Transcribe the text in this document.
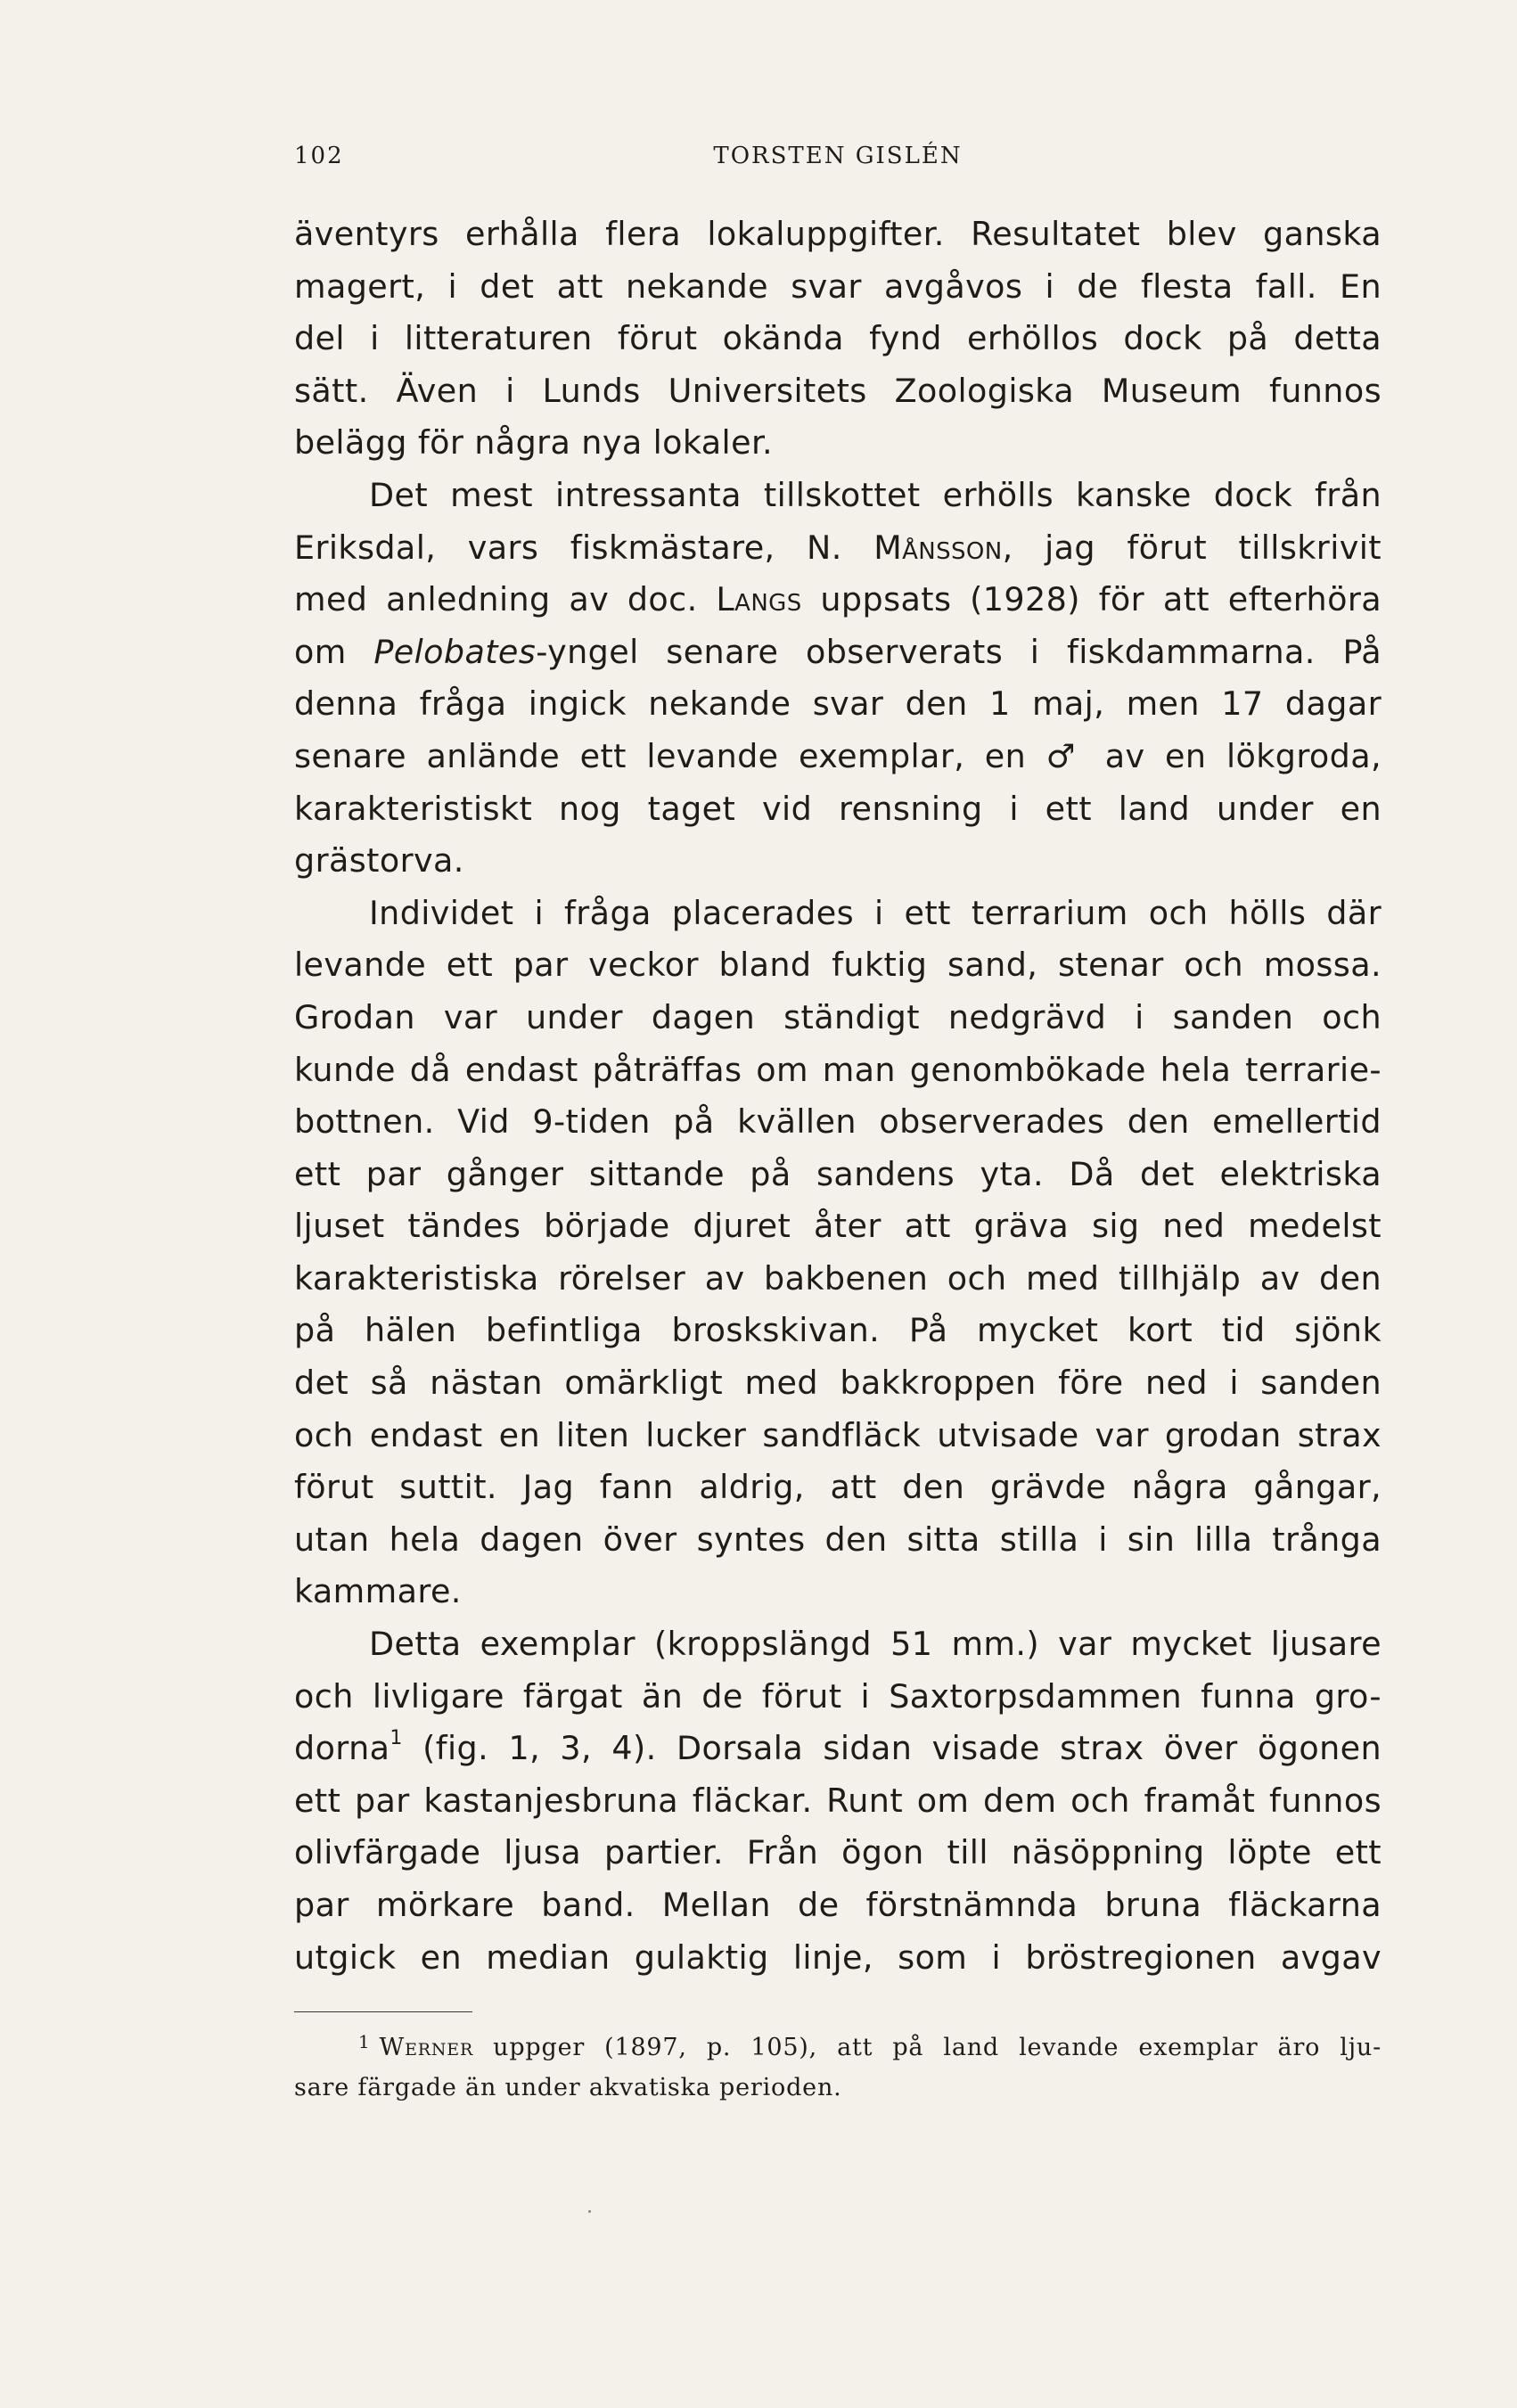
102	TORSTEN GISLÉN
äventyrs erhålla flera lokaluppgifter. Resultatet blev ganska
magert, i det att nekande svar avgåvos i de flesta fall. En
del i litteraturen förut okända fynd erhöllos dock på detta
sätt. Även i Lunds Universitets Zoologiska Museum funnos
belägg för några nya lokaler.
Det mest intressanta tillskottet erhölls kanske dock från
Eriksdal, vars fiskmästare, N. Månsson, jag förut tillskrivit
med anledning av doc. Langs uppsats (1928) för att efterhöra
om Pelobates-yngel senare observerats i fiskdammarna. På
denna fråga ingick nekande svar den 1 maj, men 17 dagar
senare anlände ett levande exemplar, en ♂ av en lökgroda,
karakteristiskt nog taget vid rensning i ett land under en
grästorva.
Individet i fråga placerades i ett terrarium och hölls där
levande ett par veckor bland fuktig sand, stenar och mossa.
Grodan var under dagen ständigt nedgrävd i sanden och
kunde då endast påträffas om man genombökade hela terrarie-
bottnen. Vid 9-tiden på kvällen observerades den emellertid
ett par gånger sittande på sandens yta. Då det elektriska
ljuset tändes började djuret åter att gräva sig ned medelst
karakteristiska rörelser av bakbenen och med tillhjälp av den
på hälen befintliga broskskivan. På mycket kort tid sjönk
det så nästan omärkligt med bakkroppen före ned i sanden
och endast en liten lucker sandfläck utvisade var grodan strax
förut suttit. Jag fann aldrig, att den grävde några gångar,
utan hela dagen över syntes den sitta stilla i sin lilla trånga
kammare.
Detta exemplar (kroppslängd 51 mm.) var mycket ljusare
och livligare färgat än de förut i Saxtorpsdammen funna gro-
dorna$^1$ (fig. 1, 3, 4). Dorsala sidan visade strax över ögonen
ett par kastanjesbruna fläckar. Runt om dem och framåt funnos
olivfärgade ljusa partier. Från ögon till näsöppning löpte ett
par mörkare band. Mellan de förstnämnda bruna fläckarna
utgick en median gulaktig linje, som i bröstregionen avgav
$^1$ Werner uppger (1897, p. 105), att på land levande exemplar äro lju-
sare färgade än under akvatiska perioden.
